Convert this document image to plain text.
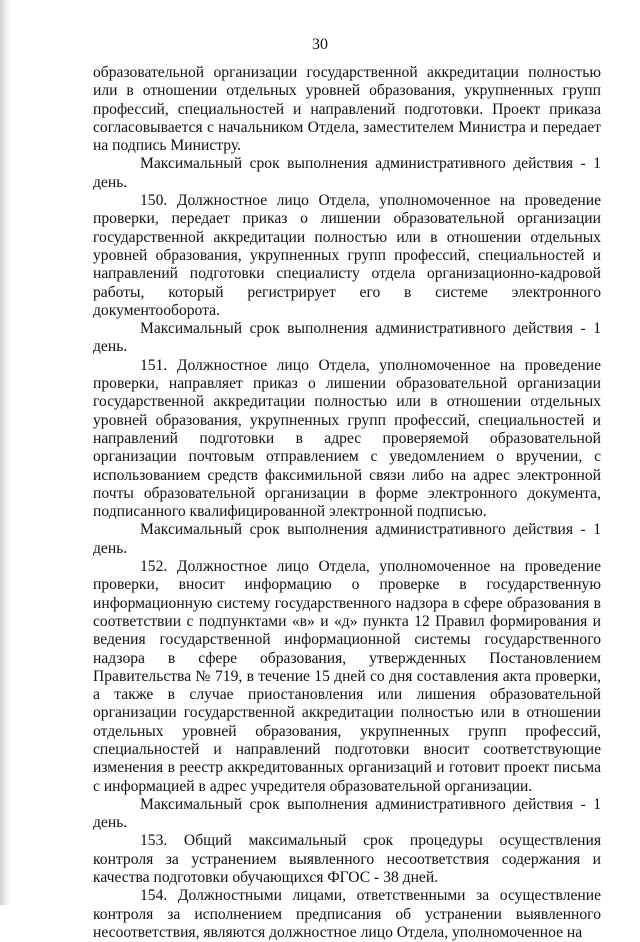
30

образовательной организации государственной аккредитации полностью или в отношении отдельных уровней образования, укрупненных групп профессий, специальностей и направлений подготовки. Проект приказа согласовывается с начальником Отдела, заместителем Министра и передает на подпись Министру.

Максимальный срок выполнения административного действия - 1 день.

150. Должностное лицо Отдела, уполномоченное на проведение проверки, передает приказ о лишении образовательной организации государственной аккредитации полностью или в отношении отдельных уровней образования, укрупненных групп профессий, специальностей и направлений подготовки специалисту отдела организационно-кадровой работы, который регистрирует его в системе электронного документооборота.

Максимальный срок выполнения административного действия - 1 день.

151. Должностное лицо Отдела, уполномоченное на проведение проверки, направляет приказ о лишении образовательной организации государственной аккредитации полностью или в отношении отдельных уровней образования, укрупненных групп профессий, специальностей и направлений подготовки в адрес проверяемой образовательной организации почтовым отправлением с уведомлением о вручении, с использованием средств факсимильной связи либо на адрес электронной почты образовательной организации в форме электронного документа, подписанного квалифицированной электронной подписью.

Максимальный срок выполнения административного действия - 1 день.

152. Должностное лицо Отдела, уполномоченное на проведение проверки, вносит информацию о проверке в государственную информационную систему государственного надзора в сфере образования в соответствии с подпунктами «в» и «д» пункта 12 Правил формирования и ведения государственной информационной системы государственного надзора в сфере образования, утвержденных Постановлением Правительства № 719, в течение 15 дней со дня составления акта проверки, а также в случае приостановления или лишения образовательной организации государственной аккредитации полностью или в отношении отдельных уровней образования, укрупненных групп профессий, специальностей и направлений подготовки вносит соответствующие изменения в реестр аккредитованных организаций и готовит проект письма с информацией в адрес учредителя образовательной организации.

Максимальный срок выполнения административного действия - 1 день.

153. Общий максимальный срок процедуры осуществления контроля за устранением выявленного несоответствия содержания и качества подготовки обучающихся ФГОС - 38 дней.

154. Должностными лицами, ответственными за осуществление контроля за исполнением предписания об устранении выявленного несоответствия, являются должностное лицо Отдела, уполномоченное на
